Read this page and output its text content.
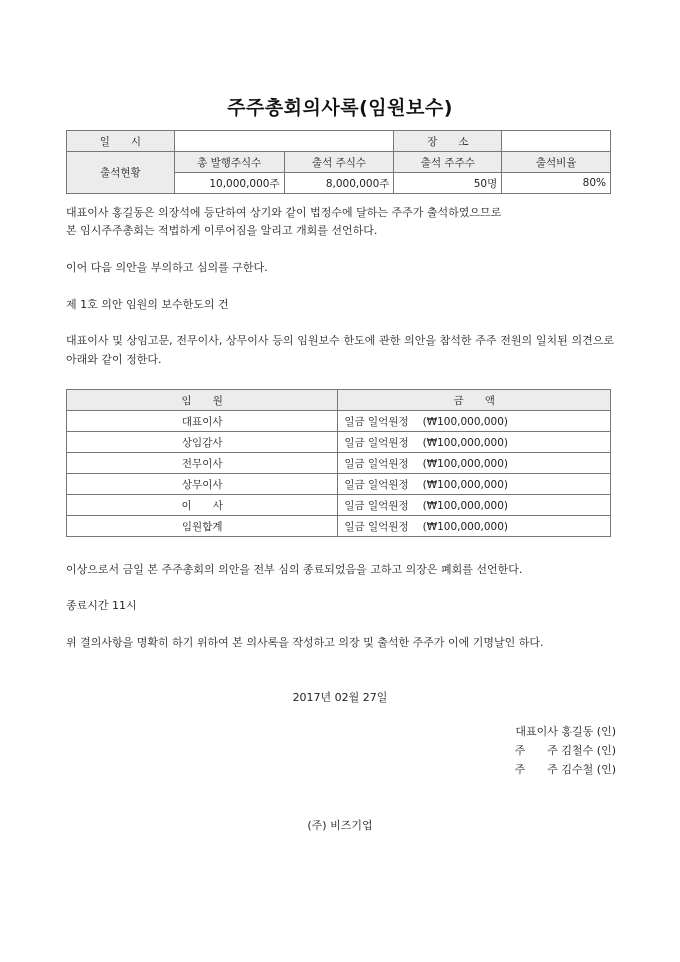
주주총회의사록(임원보수)
일　　시			장　　소	
출석현황	총 발행주식수	출석 주식수	출석 주주수	출석비율
	10,000,000주	8,000,000주	50명	80%

대표이사 홍길동은 의장석에 등단하여 상기와 같이 법정수에 달하는 주주가 출석하였으므로

본 임시주주총회는 적법하게 이루어짐을 알리고 개회를 선언하다.

이어 다음 의안을 부의하고 심의를 구한다.

제 1호 의안 임원의 보수한도의 건

대표이사 및 상임고문, 전무이사, 상무이사 등의 임원보수 한도에 관한 의안을 참석한 주주 전원의 일치된 의견으로 아래와 같이 정한다.

임　　원	금　　액
대표이사	일금 일억원정 (₩100,000,000)
상임감사	일금 일억원정 (₩100,000,000)
전무이사	일금 일억원정 (₩100,000,000)
상무이사	일금 일억원정 (₩100,000,000)
이　　사	일금 일억원정 (₩100,000,000)
임원합계	일금 일억원정 (₩100,000,000)

이상으로서 금일 본 주주총회의 의안을 전부 심의 종료되었음을 고하고 의장은 폐회를 선언한다.

종료시간 11시

위 결의사항을 명확히 하기 위하여 본 의사록을 작성하고 의장 및 출석한 주주가 이에 기명날인 하다.

2017년 02월 27일
대표이사 홍길동 (인)
주　　주 김철수 (인)
주　　주 김수철 (인)
(주) 비즈기업
